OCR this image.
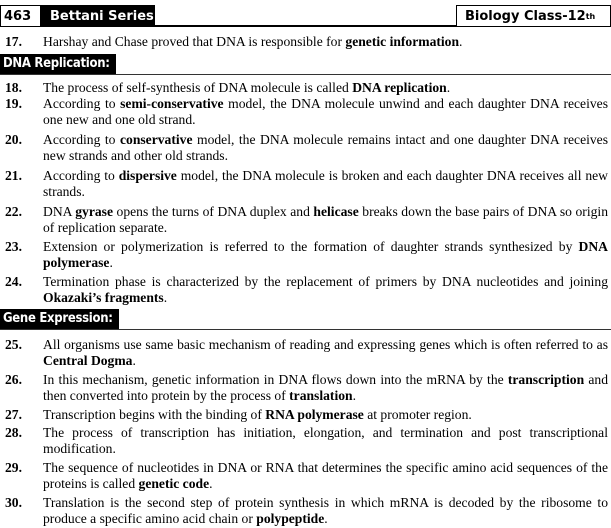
463	Bettani Series	Biology Class-12 th
17. Harshay and Chase proved that DNA is responsible for genetic information.
DNA Replication:
18. The process of self-synthesis of DNA molecule is called DNA replication.
19. According to semi-conservative model, the DNA molecule unwind and each daughter DNA receives one new and one old strand.
20. According to conservative model, the DNA molecule remains intact and one daughter DNA receives new strands and other old strands.
21. According to dispersive model, the DNA molecule is broken and each daughter DNA receives all new strands.
22. DNA gyrase opens the turns of DNA duplex and helicase breaks down the base pairs of DNA so origin of replication separate.
23. Extension or polymerization is referred to the formation of daughter strands synthesized by DNA polymerase.
24. Termination phase is characterized by the replacement of primers by DNA nucleotides and joining Okazaki’s fragments.
Gene Expression:
25. All organisms use same basic mechanism of reading and expressing genes which is often referred to as Central Dogma.
26. In this mechanism, genetic information in DNA flows down into the mRNA by the transcription and then converted into protein by the process of translation.
27. Transcription begins with the binding of RNA polymerase at promoter region.
28. The process of transcription has initiation, elongation, and termination and post transcriptional modification.
29. The sequence of nucleotides in DNA or RNA that determines the specific amino acid sequences of the proteins is called genetic code.
30. Translation is the second step of protein synthesis in which mRNA is decoded by the ribosome to produce a specific amino acid chain or polypeptide.
